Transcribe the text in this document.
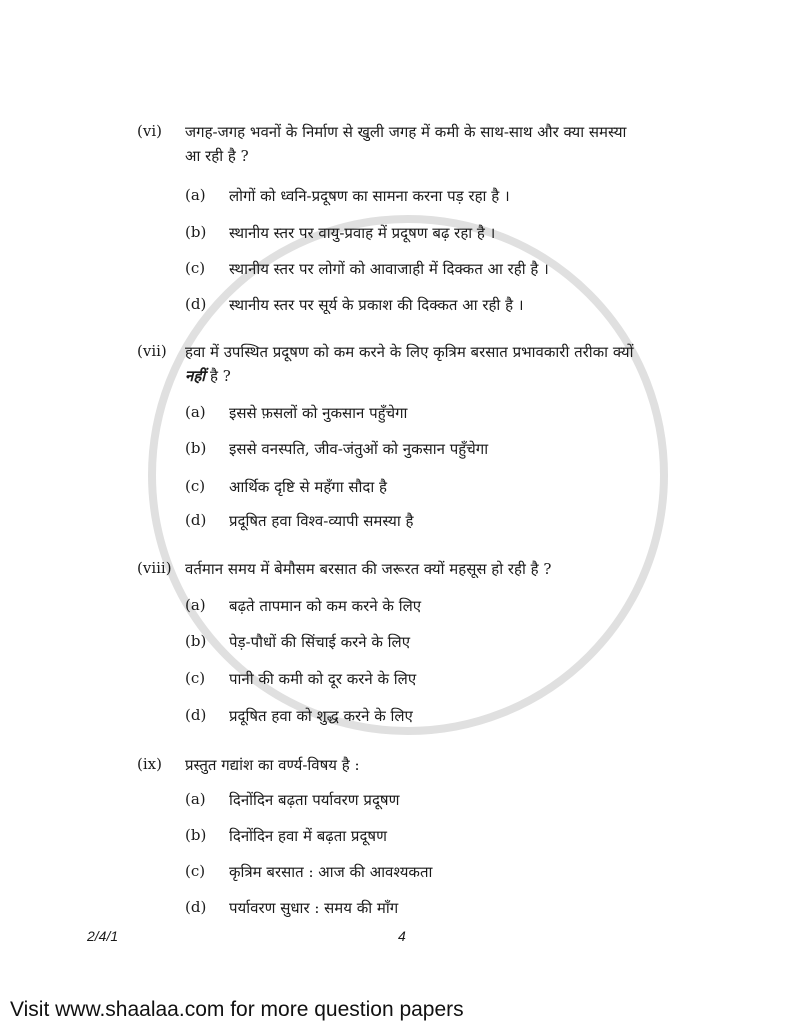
(vi) जगह-जगह भवनों के निर्माण से खुली जगह में कमी के साथ-साथ और क्या समस्या
आ रही है ?
(a) लोगों को ध्वनि-प्रदूषण का सामना करना पड़ रहा है ।
(b) स्थानीय स्तर पर वायु-प्रवाह में प्रदूषण बढ़ रहा है ।
(c) स्थानीय स्तर पर लोगों को आवाजाही में दिक्कत आ रही है ।
(d) स्थानीय स्तर पर सूर्य के प्रकाश की दिक्कत आ रही है ।
(vii) हवा में उपस्थित प्रदूषण को कम करने के लिए कृत्रिम बरसात प्रभावकारी तरीका क्यों
नहीं है ?
(a) इससे फ़सलों को नुकसान पहुँचेगा
(b) इससे वनस्पति, जीव-जंतुओं को नुकसान पहुँचेगा
(c) आर्थिक दृष्टि से महँगा सौदा है
(d) प्रदूषित हवा विश्व-व्यापी समस्या है
(viii) वर्तमान समय में बेमौसम बरसात की जरूरत क्यों महसूस हो रही है ?
(a) बढ़ते तापमान को कम करने के लिए
(b) पेड़-पौधों की सिंचाई करने के लिए
(c) पानी की कमी को दूर करने के लिए
(d) प्रदूषित हवा को शुद्ध करने के लिए
(ix) प्रस्तुत गद्यांश का वर्ण्य-विषय है :
(a) दिनोंदिन बढ़ता पर्यावरण प्रदूषण
(b) दिनोंदिन हवा में बढ़ता प्रदूषण
(c) कृत्रिम बरसात : आज की आवश्यकता
(d) पर्यावरण सुधार : समय की माँग
2/4/1	4
Visit www.shaalaa.com for more question papers
